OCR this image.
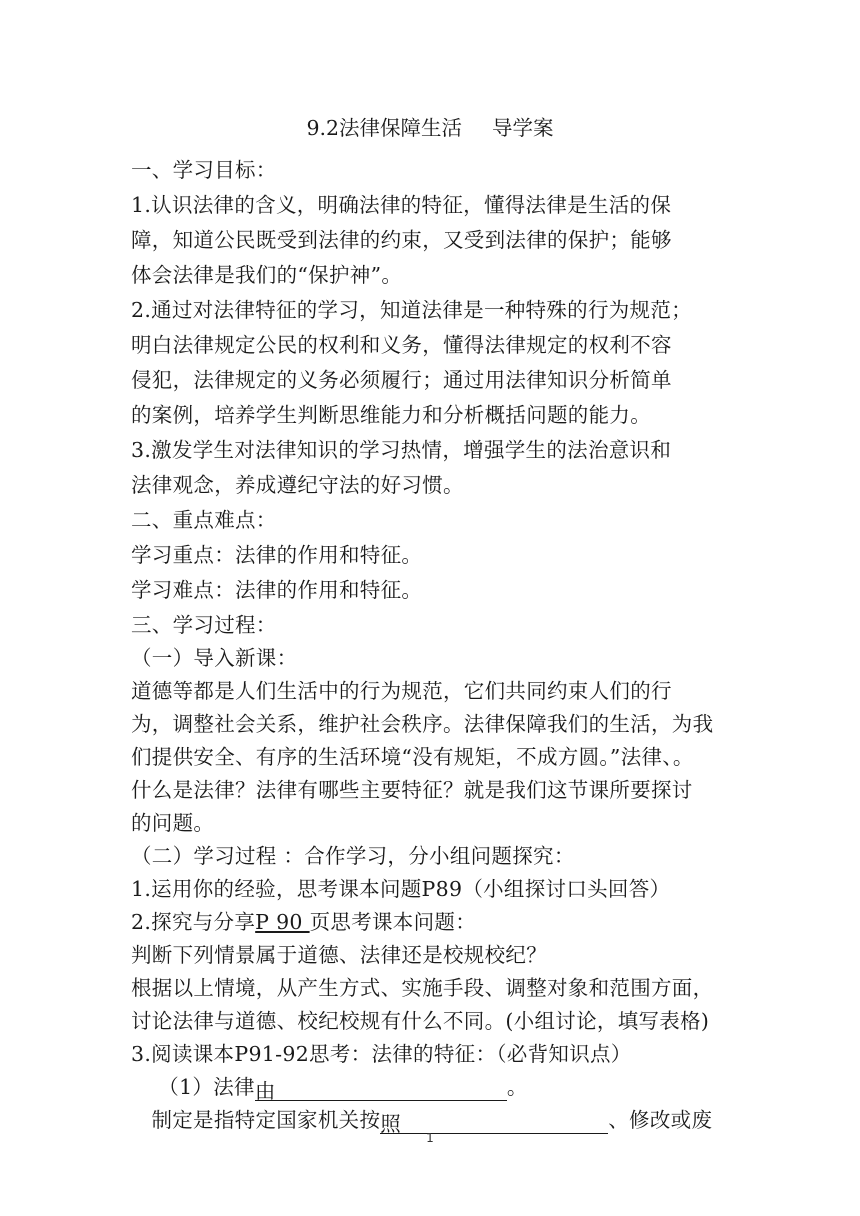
9.2法律保障生活 导学案
一、学习目标：
1.认识法律的含义，明确法律的特征，懂得法律是生活的保
障，知道公民既受到法律的约束，又受到法律的保护；能够
体会法律是我们的“保护神”。
2.通过对法律特征的学习，知道法律是一种特殊的行为规范；
明白法律规定公民的权利和义务，懂得法律规定的权利不容
侵犯，法律规定的义务必须履行；通过用法律知识分析简单
的案例，培养学生判断思维能力和分析概括问题的能力。
3.激发学生对法律知识的学习热情，增强学生的法治意识和
法律观念，养成遵纪守法的好习惯。
二、重点难点：
学习重点：法律的作用和特征。
学习难点：法律的作用和特征。
三、学习过程：
（一）导入新课：
道德等都是人们生活中的行为规范，它们共同约束人们的行
为，调整社会关系，维护社会秩序。法律保障我们的生活，为我
们提供安全、有序的生活环境“没有规矩，不成方圆。”法律、。
什么是法律？法律有哪些主要特征？就是我们这节课所要探讨
的问题。
（二）学习过程 ：合作学习，分小组问题探究：
1.运用你的经验，思考课本问题P89（小组探讨口头回答）
2.探究与分享P 90 页思考课本问题：
判断下列情景属于道德、法律还是校规校纪？
根据以上情境，从产生方式、实施手段、调整对象和范围方面，
讨论法律与道德、校纪校规有什么不同。(小组讨论，填写表格)
3.阅读课本P91-92思考：法律的特征：（必背知识点）
（1）法律由	。
制定是指特定国家机关按照	、修改或废
1
